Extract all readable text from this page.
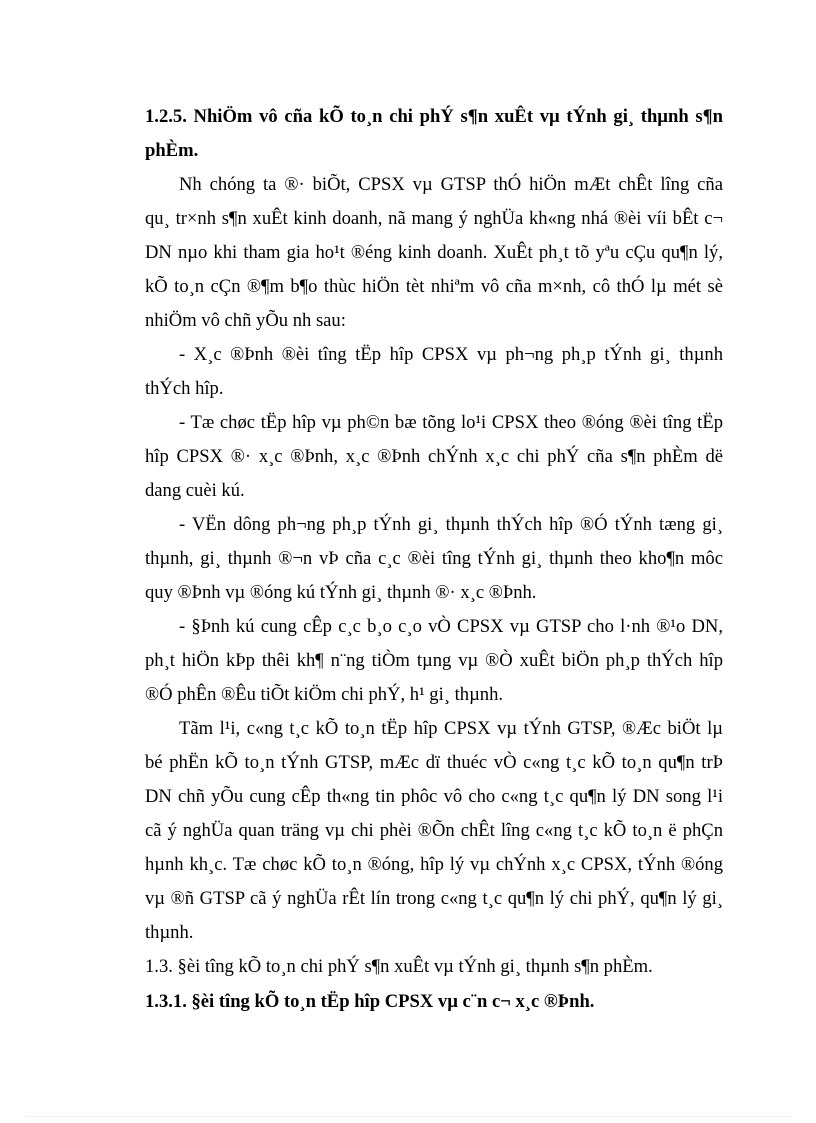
1.2.5. NhiÖm vô cña kÕ to¸n chi phÝ s¶n xuÊt vµ tÝnh gi¸ thµnh s¶n
phÈm.
Nh chóng ta ®· biÕt, CPSX vµ GTSP thÓ hiÖn mÆt chÊt lîng cña
qu¸ tr×nh s¶n xuÊt kinh doanh, nã mang ý nghÜa kh«ng nhá ®èi víi bÊt c¬
DN nµo khi tham gia ho¹t ®éng kinh doanh. XuÊt ph¸t tõ yªu cÇu qu¶n lý,
kÕ to¸n cÇn ®¶m b¶o thùc hiÖn tèt nhiªm vô cña m×nh, cô thÓ lµ mét sè
nhiÖm vô chñ yÕu nh sau:
- X¸c ®Þnh ®èi tîng tËp hîp CPSX vµ ph¬ng ph¸p tÝnh gi¸ thµnh
thÝch hîp.
- Tæ chøc tËp hîp vµ ph©n bæ tõng lo¹i CPSX theo ®óng ®èi tîng tËp
hîp CPSX ®· x¸c ®Þnh, x¸c ®Þnh chÝnh x¸c chi phÝ cña s¶n phÈm dë
dang cuèi kú.
- VËn dông ph¬ng ph¸p tÝnh gi¸ thµnh thÝch hîp ®Ó tÝnh tæng gi¸
thµnh, gi¸ thµnh ®¬n vÞ cña c¸c ®èi tîng tÝnh gi¸ thµnh theo kho¶n môc
quy ®Þnh vµ ®óng kú tÝnh gi¸ thµnh ®· x¸c ®Þnh.
- §Þnh kú cung cÊp c¸c b¸o c¸o vÒ CPSX vµ GTSP cho l·nh ®¹o DN,
ph¸t hiÖn kÞp thêi kh¶ n¨ng tiÒm tµng vµ ®Ò xuÊt biÖn ph¸p thÝch hîp
®Ó phÊn ®Êu tiÕt kiÖm chi phÝ, h¹ gi¸ thµnh.
Tãm l¹i, c«ng t¸c kÕ to¸n tËp hîp CPSX vµ tÝnh GTSP, ®Æc biÖt lµ
bé phËn kÕ to¸n tÝnh GTSP, mÆc dï thuéc vÒ c«ng t¸c kÕ to¸n qu¶n trÞ
DN chñ yÕu cung cÊp th«ng tin phôc vô cho c«ng t¸c qu¶n lý DN song l¹i
cã ý nghÜa quan träng vµ chi phèi ®Õn chÊt lîng c«ng t¸c kÕ to¸n ë phÇn
hµnh kh¸c. Tæ chøc kÕ to¸n ®óng, hîp lý vµ chÝnh x¸c CPSX, tÝnh ®óng
vµ ®ñ GTSP cã ý nghÜa rÊt lín trong c«ng t¸c qu¶n lý chi phÝ, qu¶n lý gi¸
thµnh.
1.3. §èi tîng kÕ to¸n chi phÝ s¶n xuÊt vµ tÝnh gi¸ thµnh s¶n phÈm.
1.3.1. §èi tîng kÕ to¸n tËp hîp CPSX vµ c¨n c¬ x¸c ®Þnh.
